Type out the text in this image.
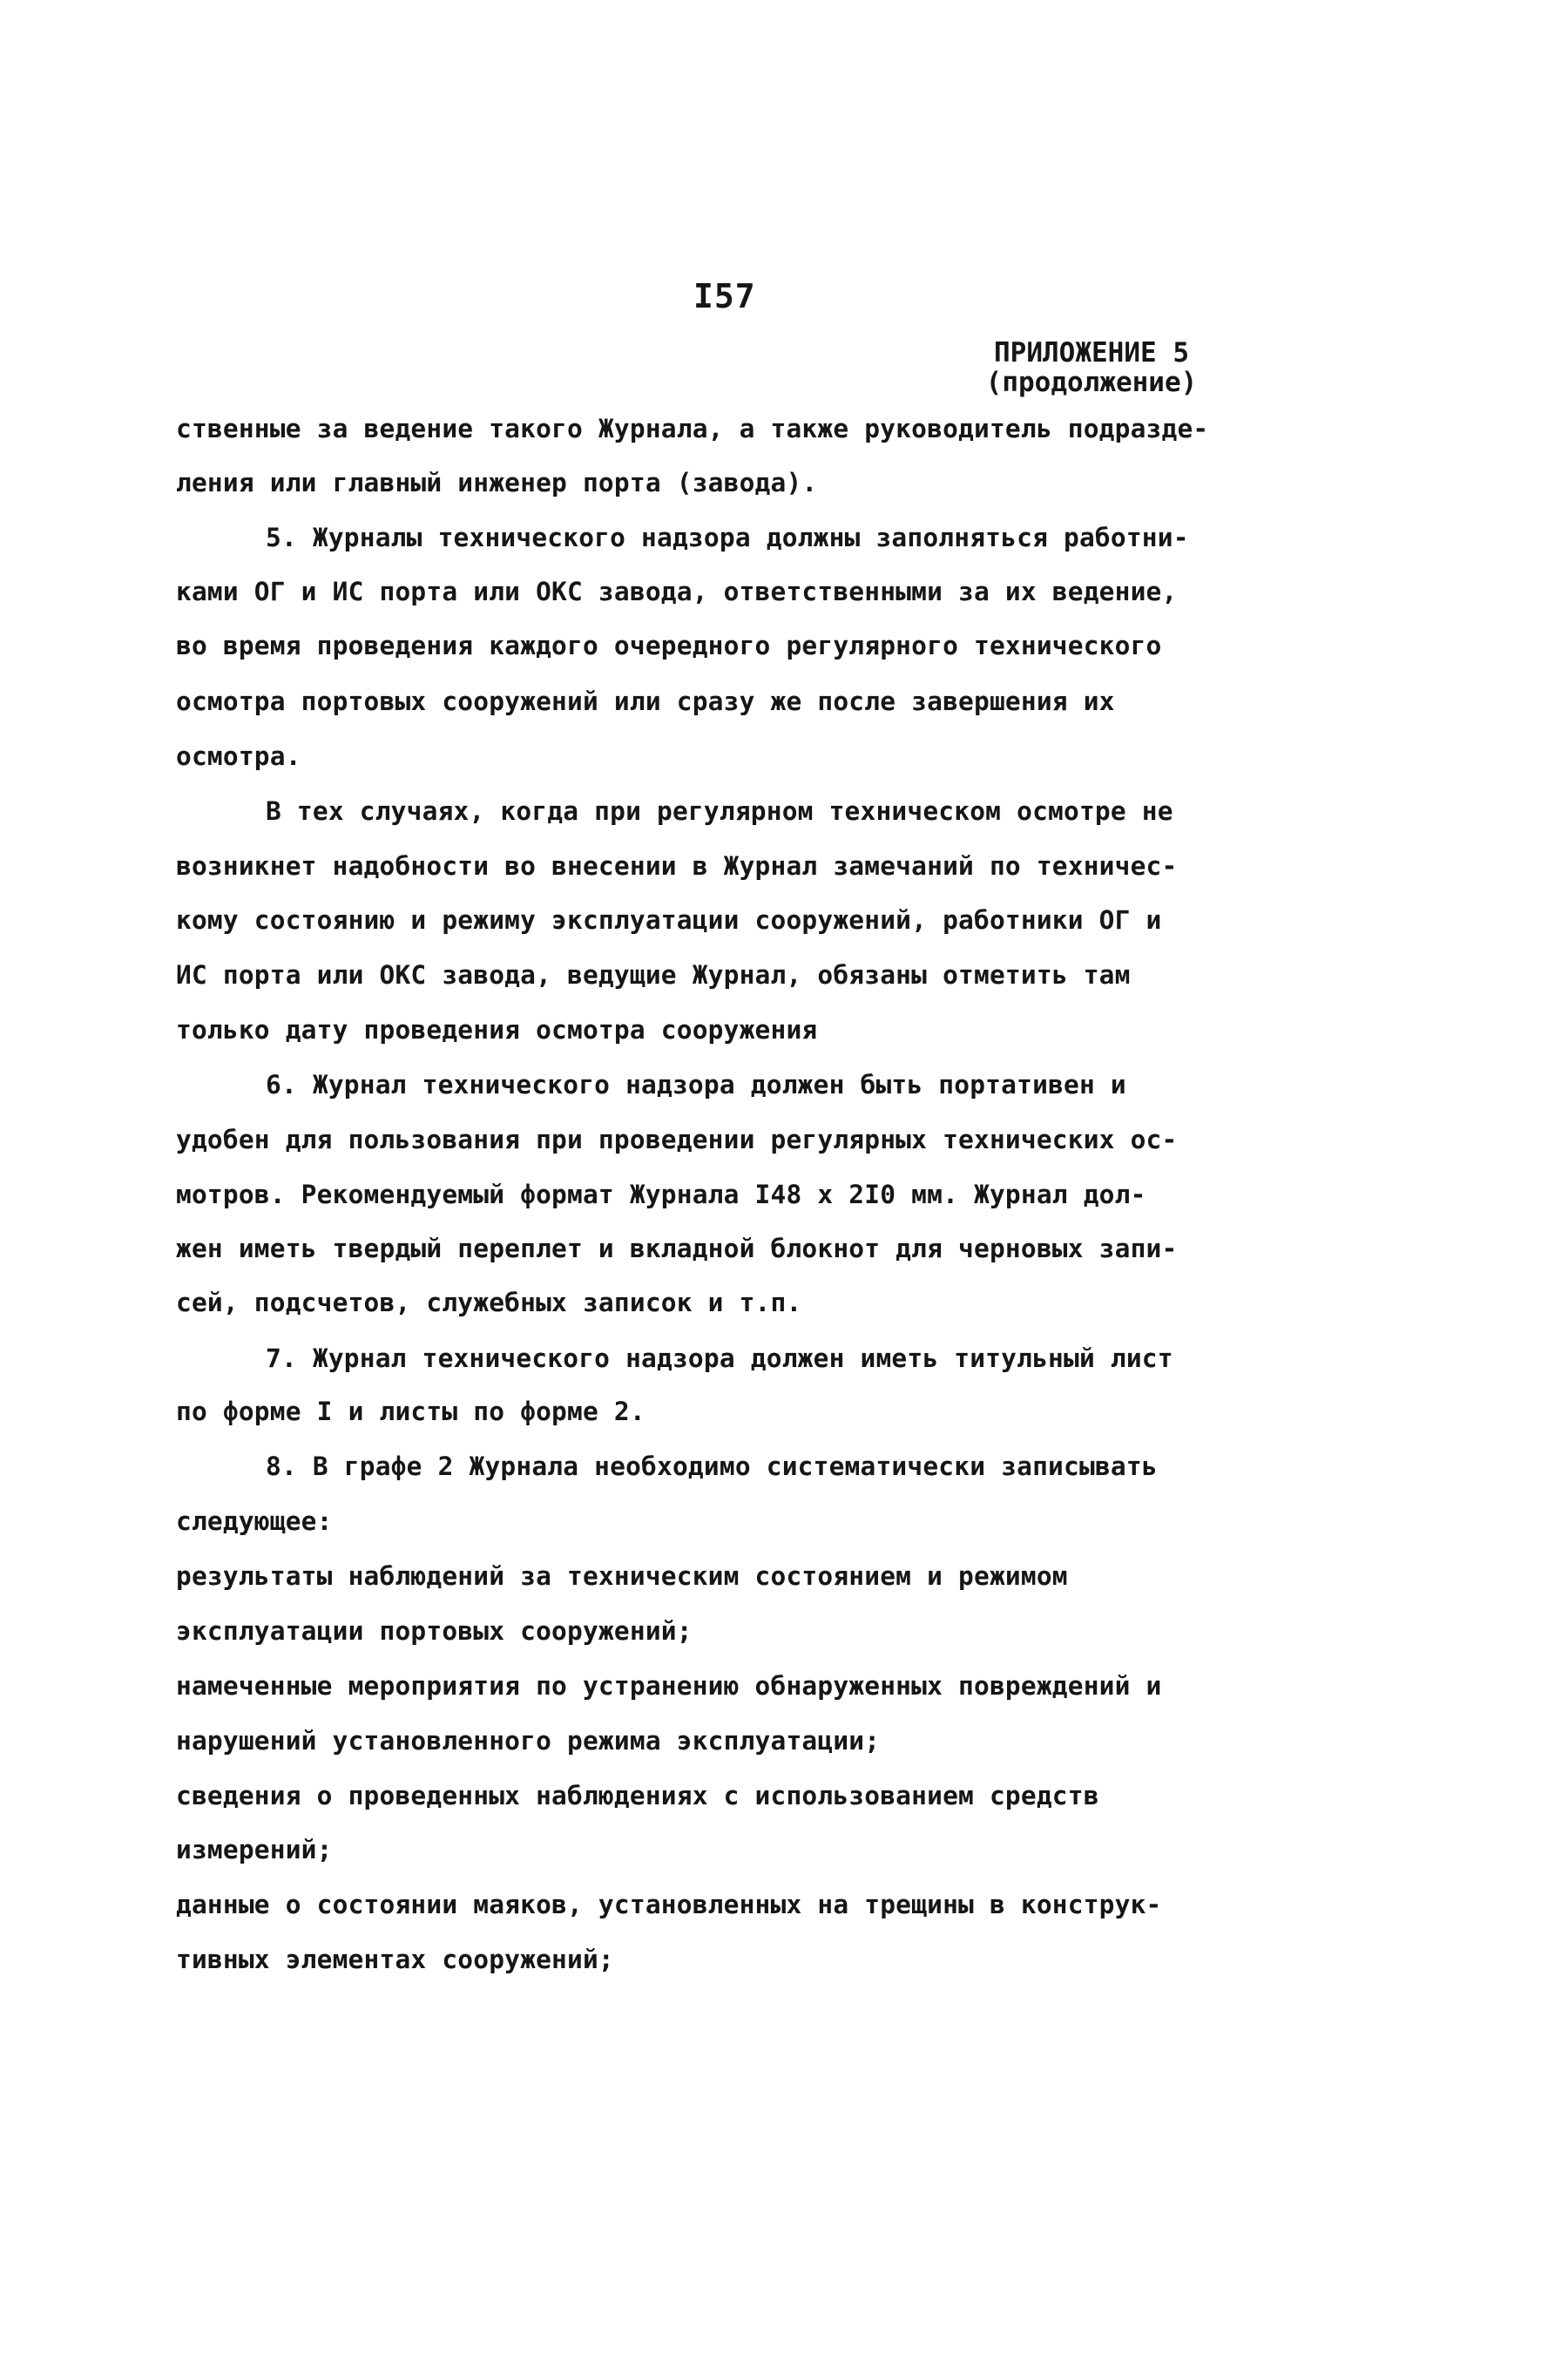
I57
ПРИЛОЖЕНИЕ 5
(продолжение)
ственные за ведение такого Журнала, а также руководитель подразде-
ления или главный инженер порта (завода).
5. Журналы технического надзора должны заполняться работни-
ками ОГ и ИС порта или ОКС завода, ответственными за их ведение,
во время проведения каждого очередного регулярного технического
осмотра портовых сооружений или сразу же после завершения их
осмотра.
В тех случаях, когда при регулярном техническом осмотре не
возникнет надобности во внесении в Журнал замечаний по техничес-
кому состоянию и режиму эксплуатации сооружений, работники ОГ и
ИС порта или ОКС завода, ведущие Журнал, обязаны отметить там
только дату проведения осмотра сооружения
6. Журнал технического надзора должен быть портативен и
удобен для пользования при проведении регулярных технических ос-
мотров. Рекомендуемый формат Журнала I48 х 2I0 мм. Журнал дол-
жен иметь твердый переплет и вкладной блокнот для черновых запи-
сей, подсчетов, служебных записок и т.п.
7. Журнал технического надзора должен иметь титульный лист
по форме I и листы по форме 2.
8. В графе 2 Журнала необходимо систематически записывать
следующее:
результаты наблюдений за техническим состоянием и режимом
эксплуатации портовых сооружений;
намеченные мероприятия по устранению обнаруженных повреждений и
нарушений установленного режима эксплуатации;
сведения о проведенных наблюдениях с использованием средств
измерений;
данные о состоянии маяков, установленных на трещины в конструк-
тивных элементах сооружений;
